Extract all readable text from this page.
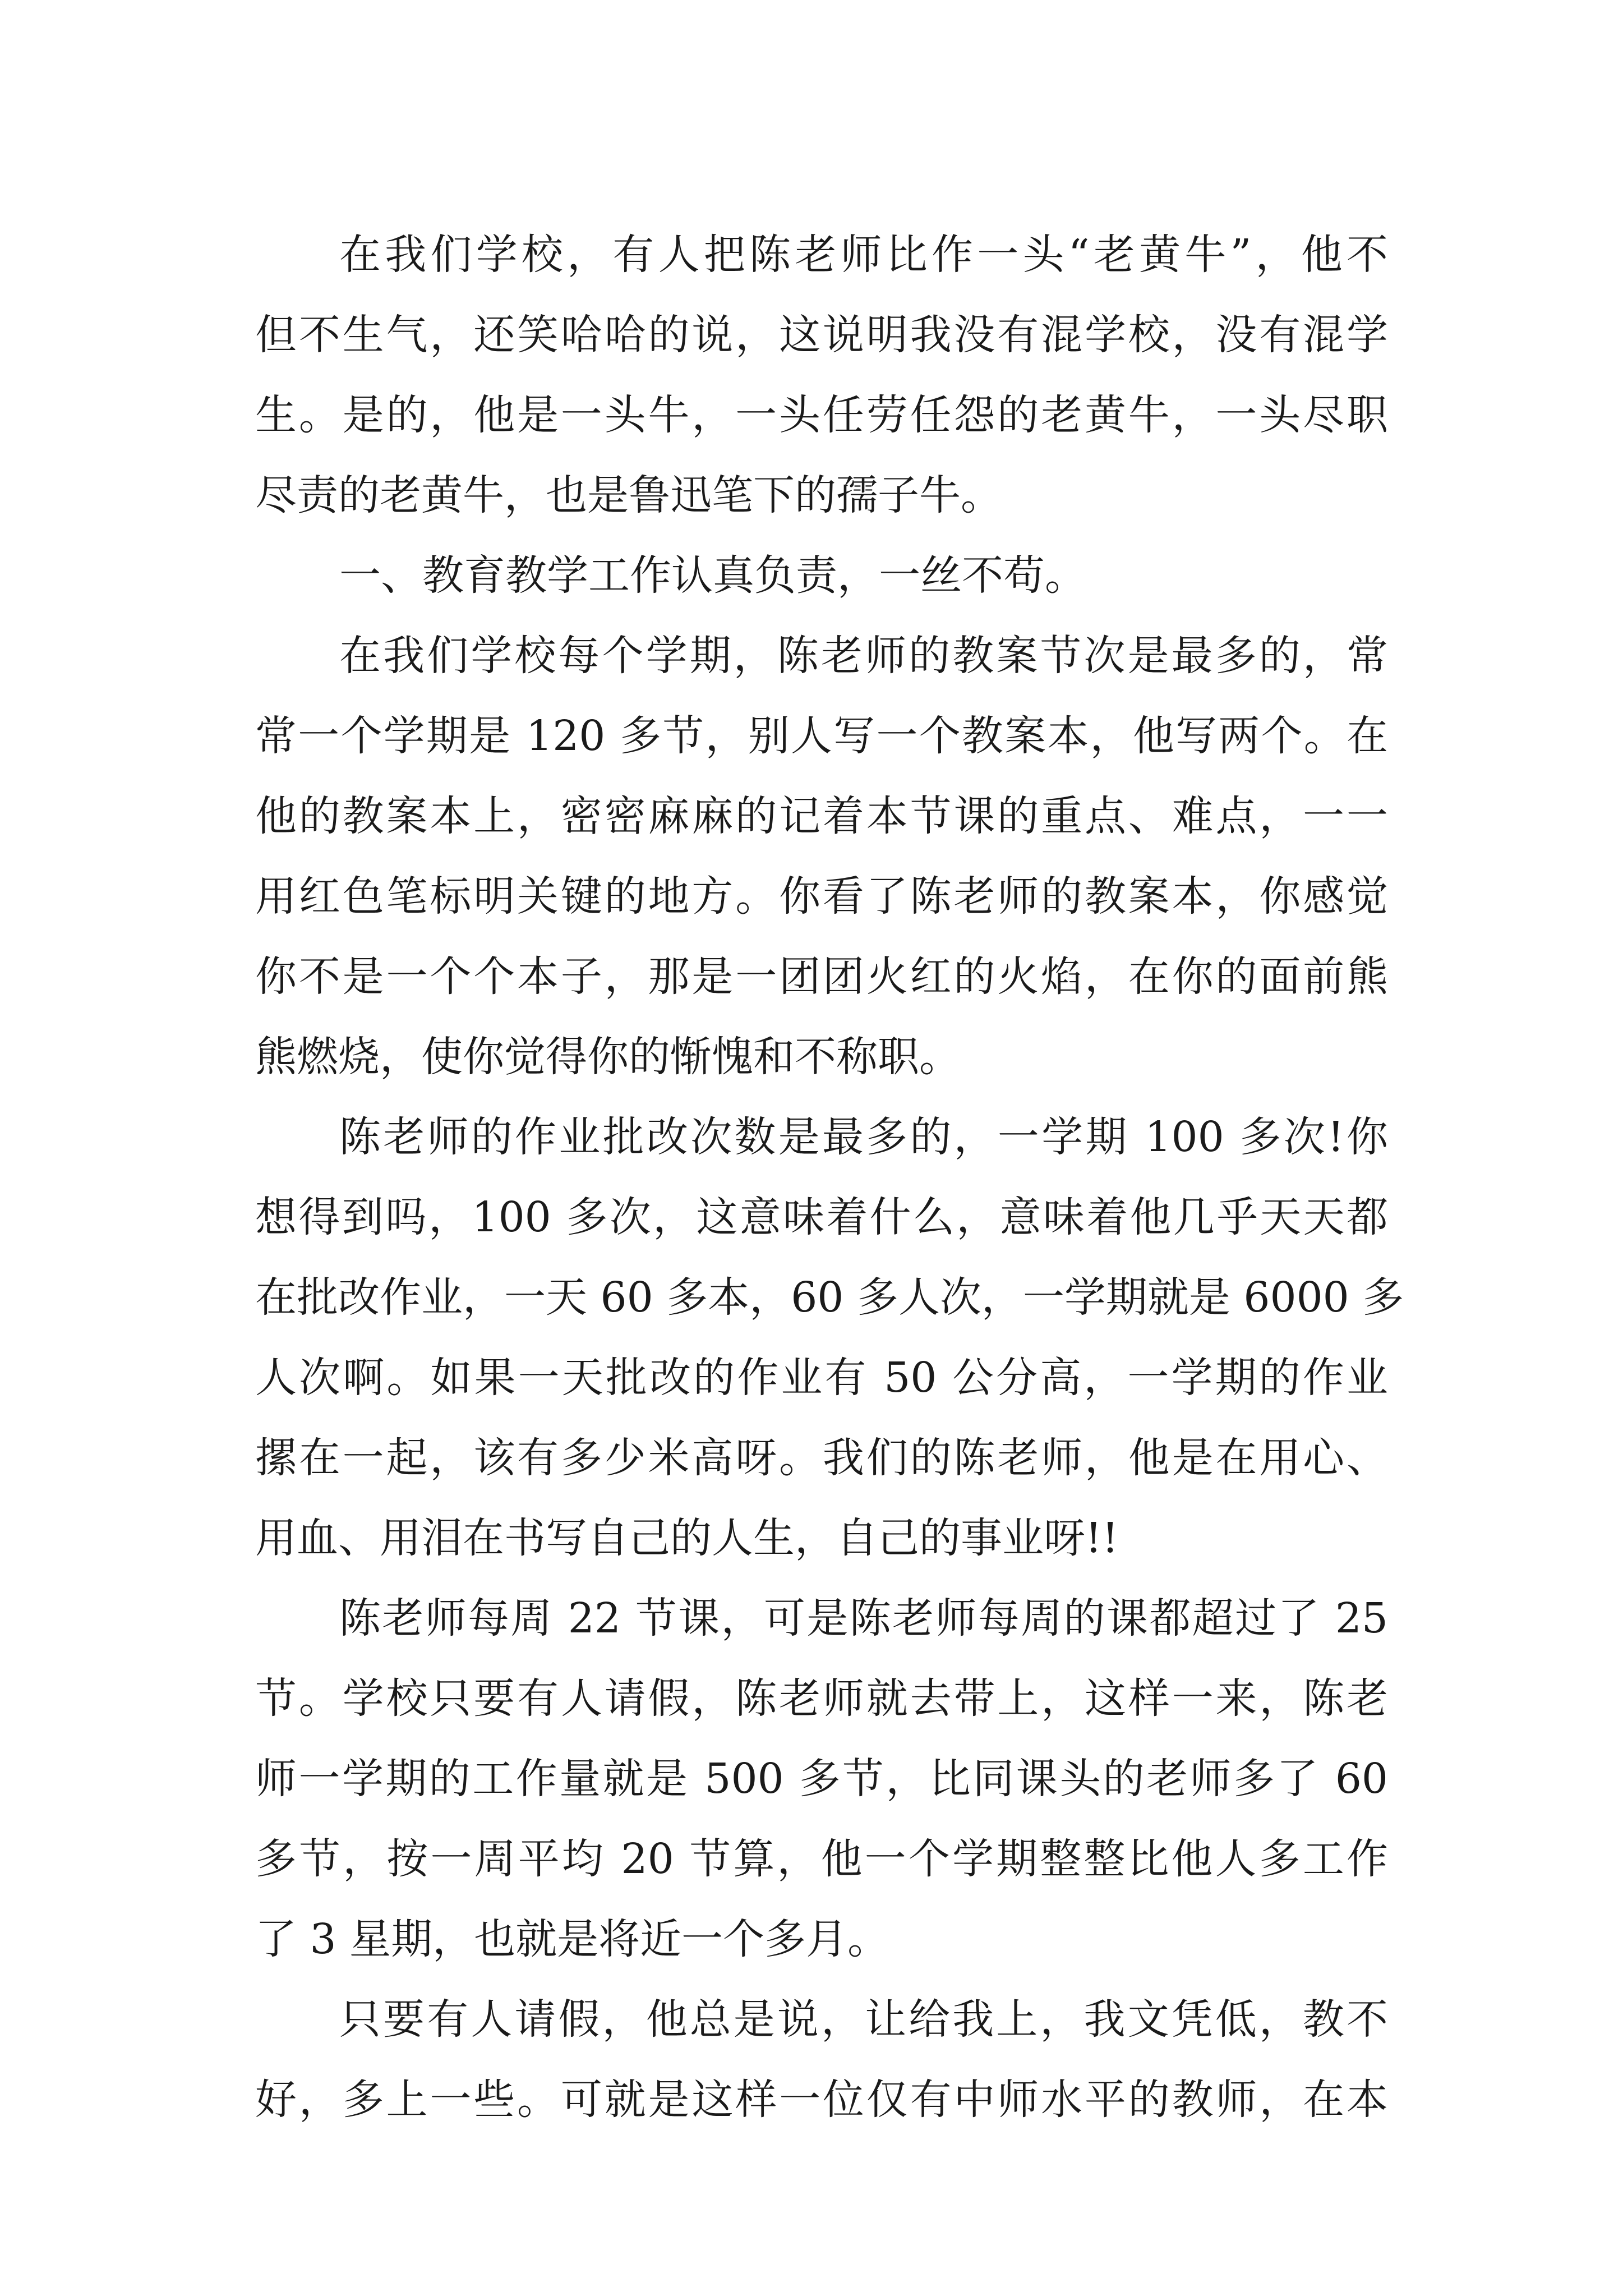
在我们学校，有人把陈老师比作一头“老黄牛”，他不
但不生气，还笑哈哈的说，这说明我没有混学校，没有混学
生。是的，他是一头牛，一头任劳任怨的老黄牛，一头尽职
尽责的老黄牛，也是鲁迅笔下的孺子牛。

一、教育教学工作认真负责，一丝不苟。

在我们学校每个学期，陈老师的教案节次是最多的，常
常一个学期是 120 多节，别人写一个教案本，他写两个。在
他的教案本上，密密麻麻的记着本节课的重点、难点，一一
用红色笔标明关键的地方。你看了陈老师的教案本，你感觉
你不是一个个本子，那是一团团火红的火焰，在你的面前熊
熊燃烧，使你觉得你的惭愧和不称职。

陈老师的作业批改次数是最多的，一学期 100 多次!你
想得到吗，100 多次，这意味着什么，意味着他几乎天天都
在批改作业，一天 60 多本，60 多人次，一学期就是 6000 多
人次啊。如果一天批改的作业有 50 公分高，一学期的作业
摞在一起，该有多少米高呀。我们的陈老师，他是在用心、
用血、用泪在书写自己的人生，自己的事业呀!!

陈老师每周 22 节课，可是陈老师每周的课都超过了 25
节。学校只要有人请假，陈老师就去带上，这样一来，陈老
师一学期的工作量就是 500 多节，比同课头的老师多了 60
多节，按一周平均 20 节算，他一个学期整整比他人多工作
了 3 星期，也就是将近一个多月。

只要有人请假，他总是说，让给我上，我文凭低，教不
好，多上一些。可就是这样一位仅有中师水平的教师，在本
